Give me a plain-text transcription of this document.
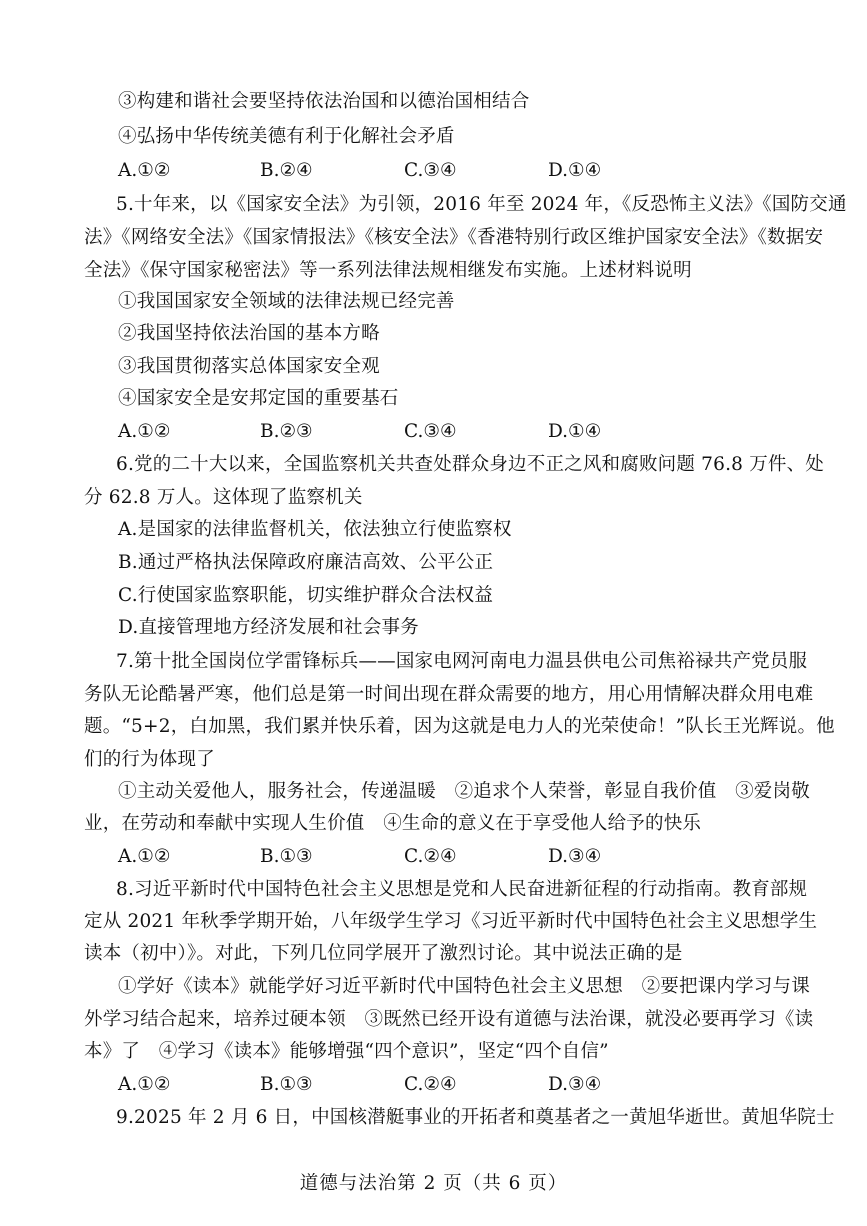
③构建和谐社会要坚持依法治国和以德治国相结合
④弘扬中华传统美德有利于化解社会矛盾
A.①②	B.②④	C.③④	D.①④
5.十年来，以《国家安全法》为引领，2016 年至 2024 年，《反恐怖主义法》《国防交通
法》《网络安全法》《国家情报法》《核安全法》《香港特别行政区维护国家安全法》《数据安
全法》《保守国家秘密法》等一系列法律法规相继发布实施。上述材料说明
①我国国家安全领域的法律法规已经完善
②我国坚持依法治国的基本方略
③我国贯彻落实总体国家安全观
④国家安全是安邦定国的重要基石
A.①②	B.②③	C.③④	D.①④
6.党的二十大以来，全国监察机关共查处群众身边不正之风和腐败问题 76.8 万件、处
分 62.8 万人。这体现了监察机关
A.是国家的法律监督机关，依法独立行使监察权
B.通过严格执法保障政府廉洁高效、公平公正
C.行使国家监察职能，切实维护群众合法权益
D.直接管理地方经济发展和社会事务
7.第十批全国岗位学雷锋标兵——国家电网河南电力温县供电公司焦裕禄共产党员服
务队无论酷暑严寒，他们总是第一时间出现在群众需要的地方，用心用情解决群众用电难
题。“5+2，白加黑，我们累并快乐着，因为这就是电力人的光荣使命！”队长王光辉说。他
们的行为体现了
①主动关爱他人，服务社会，传递温暖　②追求个人荣誉，彰显自我价值　③爱岗敬
业，在劳动和奉献中实现人生价值　④生命的意义在于享受他人给予的快乐
A.①②	B.①③	C.②④	D.③④
8.习近平新时代中国特色社会主义思想是党和人民奋进新征程的行动指南。教育部规
定从 2021 年秋季学期开始，八年级学生学习《习近平新时代中国特色社会主义思想学生
读本（初中）》。对此，下列几位同学展开了激烈讨论。其中说法正确的是
①学好《读本》就能学好习近平新时代中国特色社会主义思想　②要把课内学习与课
外学习结合起来，培养过硬本领　③既然已经开设有道德与法治课，就没必要再学习《读
本》了　④学习《读本》能够增强“四个意识”，坚定“四个自信”
A.①②	B.①③	C.②④	D.③④
9.2025 年 2 月 6 日，中国核潜艇事业的开拓者和奠基者之一黄旭华逝世。黄旭华院士
道德与法治第 2 页（共 6 页）
